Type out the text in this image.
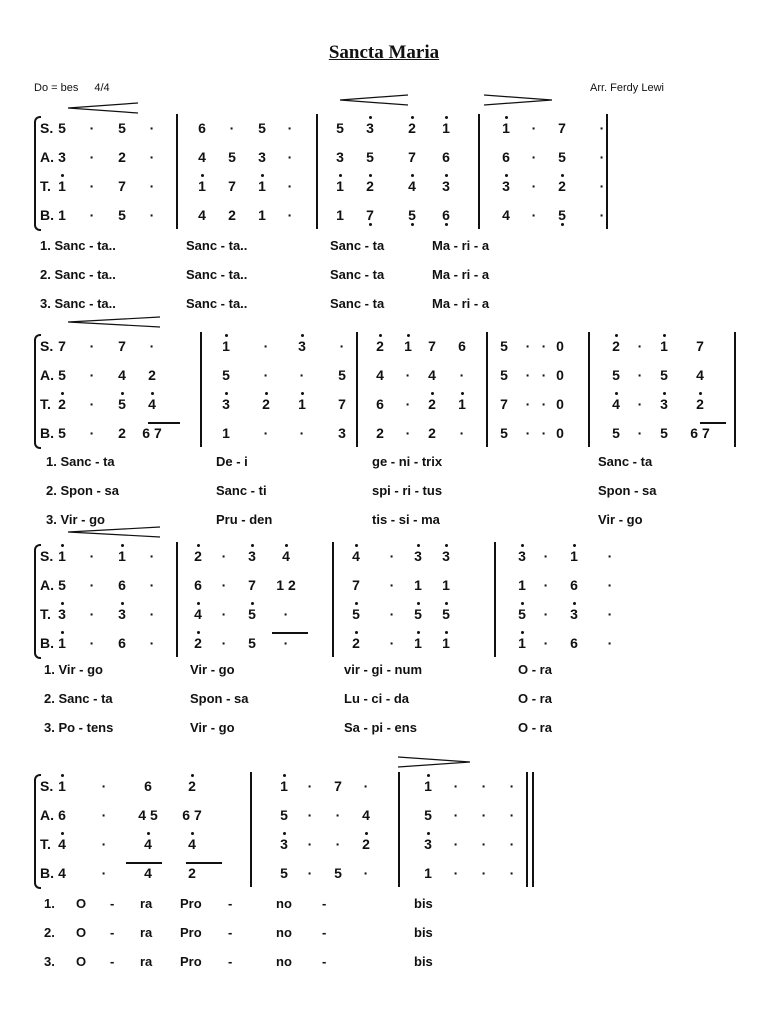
Sancta Maria
Do = bes 4/4	Arr. Ferdy Lewi
S. 5	·	5	·	6	·	5	·	5 3 2 1	1	·	7	·
A. 3	·	2	·	4 5 3	·	3 5 7 6	6	·	5	·
T. 1	·	7	·	1 7 1	·	1 2 4 3	3	·	2	·
B. 1	·	5	·	4 2 1	·	1 7 5 6	4	·	5	·
1. Sanc - ta..	Sanc - ta..	Sanc - ta	Ma - ri - a
2. Sanc - ta..	Sanc - ta..	Sanc - ta	Ma - ri - a
3. Sanc - ta..	Sanc - ta..	Sanc - ta	Ma - ri - a
S. 7	·	7	·	1	·	3	·	2 1 7 6 5	· · 0	2	·	1 7
A. 5	·	4 2	5	·	·	5 4	·	4	·	5	· · 0	5	·	5 4
T. 2	·	5 4	3 2 1 7 6	·	2 1 7	· · 0	4	·	3 2
B. 5	·	2	6 7	1	·	·	3 2	·	2	·	5	· · 0	5	·	5	6 7
1. Sanc - ta	De - i	ge - ni - trix	Sanc - ta
2. Spon - sa	Sanc - ti	spi - ri - tus	Spon - sa
3. Vir - go	Pru - den	tis - si - ma	Vir - go
S. 1	·	1	·	2	·	3 4	4	·	3 3	3	·	1	·
A. 5	·	6	·	6	·	7	1 2	7	·	1 1	1	·	6	·
T. 3	·	3	·	4	·	5	·	5	·	5 5	5	·	3	·
B. 1	·	6	·	2	·	5	·	2	·	1 1	1	·	6	·
1. Vir - go	Vir - go	vir - gi - num	O - ra
2. Sanc - ta	Spon - sa	Lu - ci - da	O - ra
3. Po - tens	Vir - go	Sa - pi - ens	O - ra
S. 1	·	6	2	1	·	7	·	1	·	·	·
A. 6	·	4 5	6 7	5	·	·	4	5	·	·	·
T. 4	·	4	4	3	·	·	2	3	·	·	·
B. 4	·	4	2	5	·	5	·	1	·	·	·
1. O - ra Pro -	no -	bis
2. O - ra Pro -	no -	bis
3. O - ra Pro -	no -	bis
